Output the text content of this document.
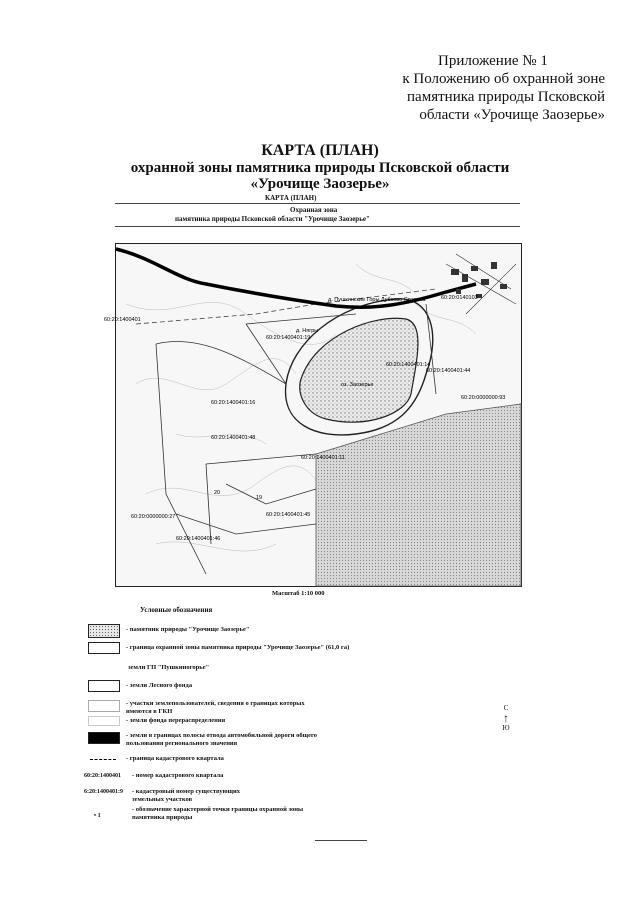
Приложение № 1
к Положению об охранной зоне
памятника природы Псковской
области «Урочище Заозерье»
КАРТА (ПЛАН)
охранной зоны памятника природы Псковской области
«Урочище Заозерье»
КАРТА (ПЛАН)
Охранная зона
памятника природы Псковской области "Урочище Заозерье"
60:20:1400401
д. Пушкинские Горы Дубково Сторона
д. Нягры
60:20:1400401:19
оз. Заозерье
60:20:1400401:14
60:20:1400401:44
60:20:0140103
60:20:0000000:93
60:20:1400401:16
60:20:1400401:48
60:20:1400401:11
60:20:0000000:27
60:20:1400401:46
60:20:1400401:45
20
19
Масштаб 1:10 000
Условные обозначения
- памятник природы "Урочище Заозерье"
- граница охранной зоны памятника природы "Урочище Заозерье" (61,0 га)
земли ГП "Пушкиногорье"
- земли Лесного фонда
- участки землепользователей, сведения о границах которых имеются в ГКН
- земли фонда перераспределения
- земли в границах полосы отвода автомобильной дороги общего пользования регионального значения
- граница кадастрового квартала
60:20:1400401 - номер кадастрового квартала
6:20:1400401:9 - кадастровый номер существующих земельных участков
• 1
- обозначение характерной точки границы охранной зоны памятника природы
С
↑
Ю
